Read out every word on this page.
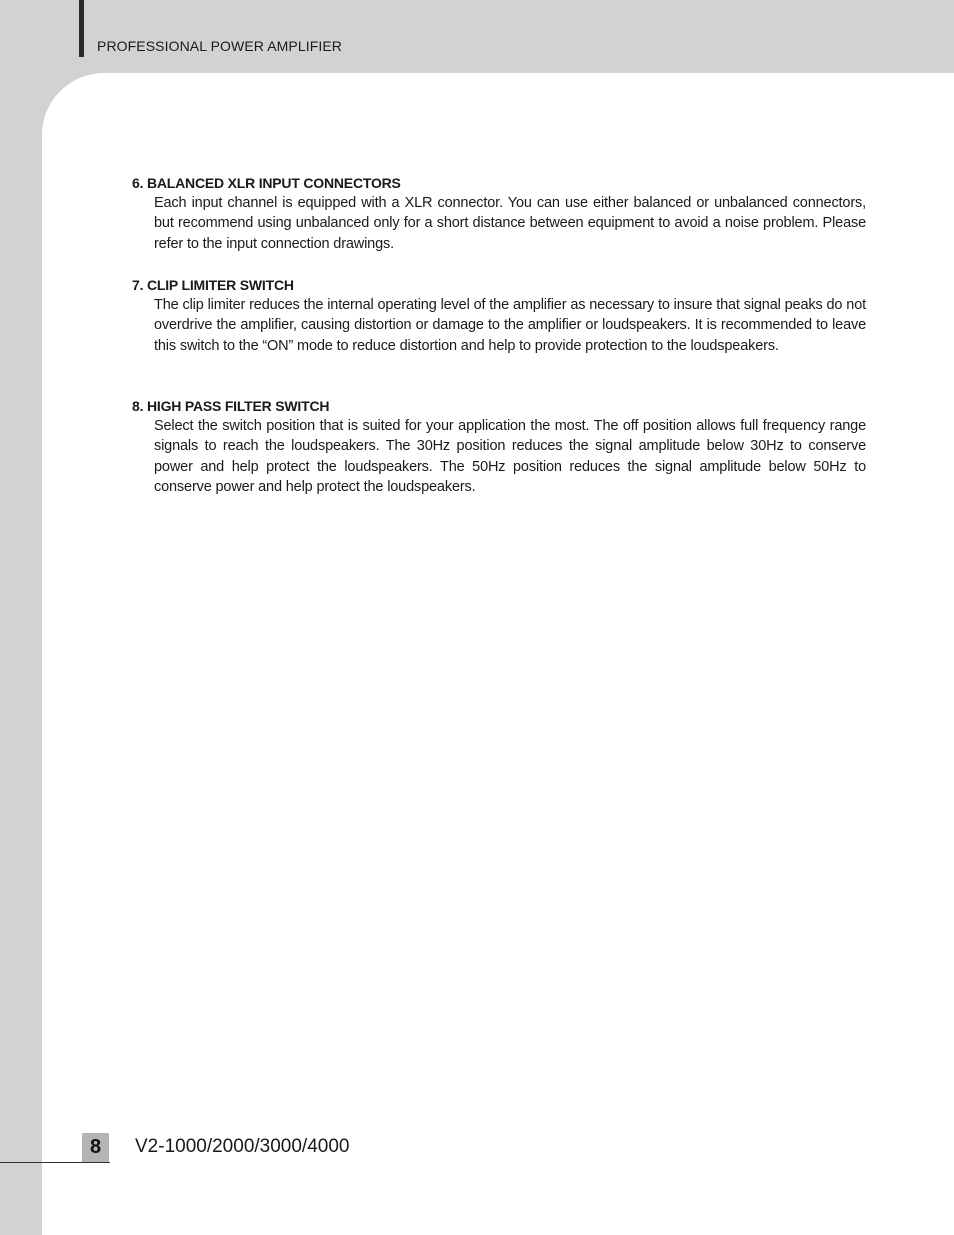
PROFESSIONAL POWER AMPLIFIER
6. BALANCED XLR INPUT CONNECTORS
Each input channel is equipped with a XLR connector. You can use either balanced or unbalanced connectors, but recommend using unbalanced only for a short distance between equipment to avoid a noise problem. Please refer to the input connection drawings.
7. CLIP LIMITER SWITCH
The clip limiter reduces the internal operating level of the amplifier as necessary to insure that signal peaks do not overdrive the amplifier, causing distortion or damage to the amplifier or loudspeakers. It is recommended to leave this switch to the “ON” mode to reduce distortion and help to provide protection to the loudspeakers.
8. HIGH PASS FILTER SWITCH
Select the switch position that is suited for your application the most. The off position allows full frequency range signals to reach the loudspeakers. The 30Hz position reduces the signal amplitude below 30Hz to conserve power and help protect the loudspeakers. The 50Hz position reduces the signal amplitude below 50Hz to conserve power and help protect the loudspeakers.
8	V2-1000/2000/3000/4000
